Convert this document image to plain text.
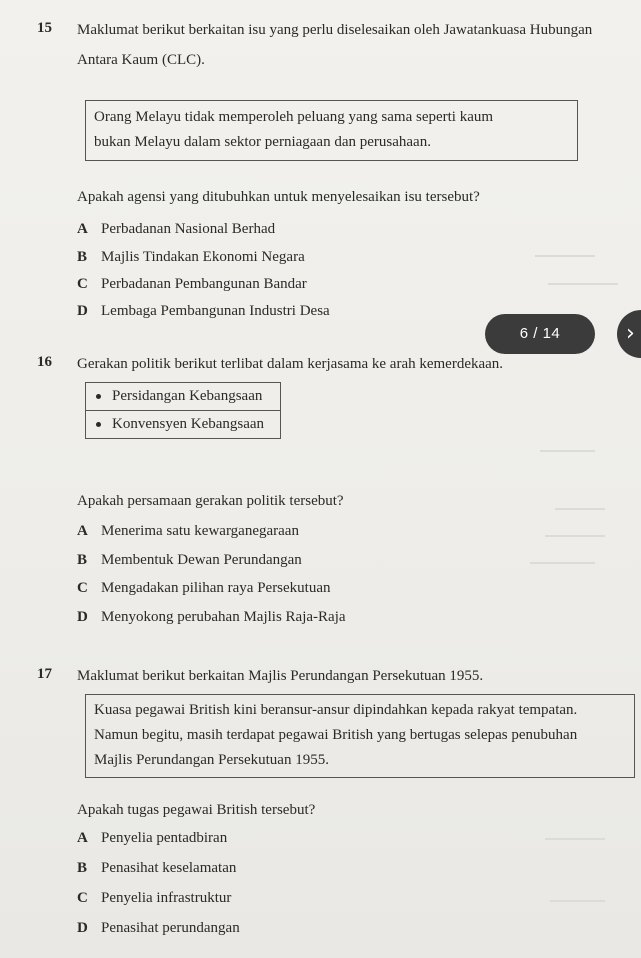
15 Maklumat berikut berkaitan isu yang perlu diselesaikan oleh Jawatankuasa Hubungan
Antara Kaum (CLC).

Orang Melayu tidak memperoleh peluang yang sama seperti kaum

bukan Melayu dalam sektor perniagaan dan perusahaan.

Apakah agensi yang ditubuhkan untuk menyelesaikan isu tersebut?
A Perbadanan Nasional Berhad
B Majlis Tindakan Ekonomi Negara
C Perbadanan Pembangunan Bandar
D Lembaga Pembangunan Industri Desa
16 Gerakan politik berikut terlibat dalam kerjasama ke arah kemerdekaan.
Persidangan Kebangsaan
Konvensyen Kebangsaan
Apakah persamaan gerakan politik tersebut?
A Menerima satu kewarganegaraan
B Membentuk Dewan Perundangan
C Mengadakan pilihan raya Persekutuan
D Menyokong perubahan Majlis Raja-Raja
17 Maklumat berikut berkaitan Majlis Perundangan Persekutuan 1955.

Kuasa pegawai British kini beransur-ansur dipindahkan kepada rakyat tempatan.

Namun begitu, masih terdapat pegawai British yang bertugas selepas penubuhan

Majlis Perundangan Persekutuan 1955.

Apakah tugas pegawai British tersebut?
A Penyelia pentadbiran
B Penasihat keselamatan
C Penyelia infrastruktur
D Penasihat perundangan
6 / 14	›
